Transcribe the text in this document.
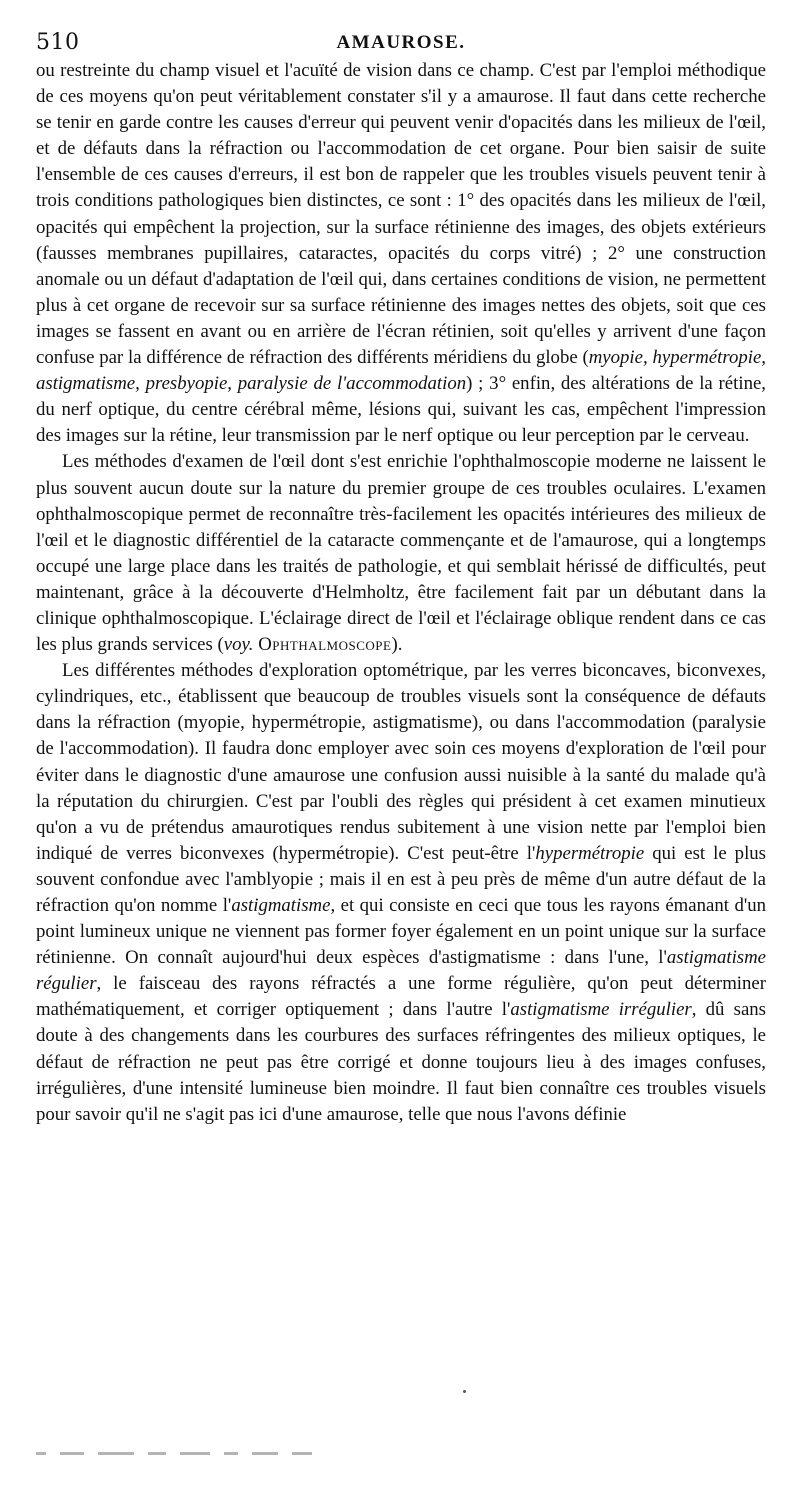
510	AMAUROSE.

ou restreinte du champ visuel et l'acuïté de vision dans ce champ. C'est par l'emploi méthodique de ces moyens qu'on peut véritablement constater s'il y a amaurose. Il faut dans cette recherche se tenir en garde contre les causes d'erreur qui peuvent venir d'opacités dans les milieux de l'œil, et de défauts dans la réfraction ou l'accommodation de cet organe. Pour bien saisir de suite l'ensemble de ces causes d'erreurs, il est bon de rappeler que les troubles visuels peuvent tenir à trois conditions pathologiques bien distinctes, ce sont : 1° des opacités dans les milieux de l'œil, opacités qui empêchent la projection, sur la surface rétinienne des images, des objets extérieurs (fausses membranes pupillaires, cataractes, opacités du corps vitré) ; 2° une construction anomale ou un défaut d'adaptation de l'œil qui, dans certaines conditions de vision, ne permettent plus à cet organe de recevoir sur sa surface rétinienne des images nettes des objets, soit que ces images se fassent en avant ou en arrière de l'écran rétinien, soit qu'elles y arrivent d'une façon confuse par la différence de réfraction des différents méridiens du globe (myopie, hypermétropie, astigmatisme, presbyopie, paralysie de l'accommodation) ; 3° enfin, des altérations de la rétine, du nerf optique, du centre cérébral même, lésions qui, suivant les cas, empêchent l'impression des images sur la rétine, leur transmission par le nerf optique ou leur perception par le cerveau.

Les méthodes d'examen de l'œil dont s'est enrichie l'ophthalmoscopie moderne ne laissent le plus souvent aucun doute sur la nature du premier groupe de ces troubles oculaires. L'examen ophthalmoscopique permet de reconnaître très-facilement les opacités intérieures des milieux de l'œil et le diagnostic différentiel de la cataracte commençante et de l'amaurose, qui a longtemps occupé une large place dans les traités de pathologie, et qui semblait hérissé de difficultés, peut maintenant, grâce à la découverte d'Helmholtz, être facilement fait par un débutant dans la clinique ophthalmoscopique. L'éclairage direct de l'œil et l'éclairage oblique rendent dans ce cas les plus grands services (voy. Ophthalmoscope).

Les différentes méthodes d'exploration optométrique, par les verres biconcaves, biconvexes, cylindriques, etc., établissent que beaucoup de troubles visuels sont la conséquence de défauts dans la réfraction (myopie, hypermétropie, astigmatisme), ou dans l'accommodation (paralysie de l'accommodation). Il faudra donc employer avec soin ces moyens d'exploration de l'œil pour éviter dans le diagnostic d'une amaurose une confusion aussi nuisible à la santé du malade qu'à la réputation du chirurgien. C'est par l'oubli des règles qui président à cet examen minutieux qu'on a vu de prétendus amaurotiques rendus subitement à une vision nette par l'emploi bien indiqué de verres biconvexes (hypermétropie). C'est peut-être l'hypermétropie qui est le plus souvent confondue avec l'amblyopie ; mais il en est à peu près de même d'un autre défaut de la réfraction qu'on nomme l'astigmatisme, et qui consiste en ceci que tous les rayons émanant d'un point lumineux unique ne viennent pas former foyer également en un point unique sur la surface rétinienne. On connaît aujourd'hui deux espèces d'astigmatisme : dans l'une, l'astigmatisme régulier, le faisceau des rayons réfractés a une forme régulière, qu'on peut déterminer mathématiquement, et corriger optiquement ; dans l'autre l'astigmatisme irrégulier, dû sans doute à des changements dans les courbures des surfaces réfringentes des milieux optiques, le défaut de réfraction ne peut pas être corrigé et donne toujours lieu à des images confuses, irrégulières, d'une intensité lumineuse bien moindre. Il faut bien connaître ces troubles visuels pour savoir qu'il ne s'agit pas ici d'une amaurose, telle que nous l'avons définie
